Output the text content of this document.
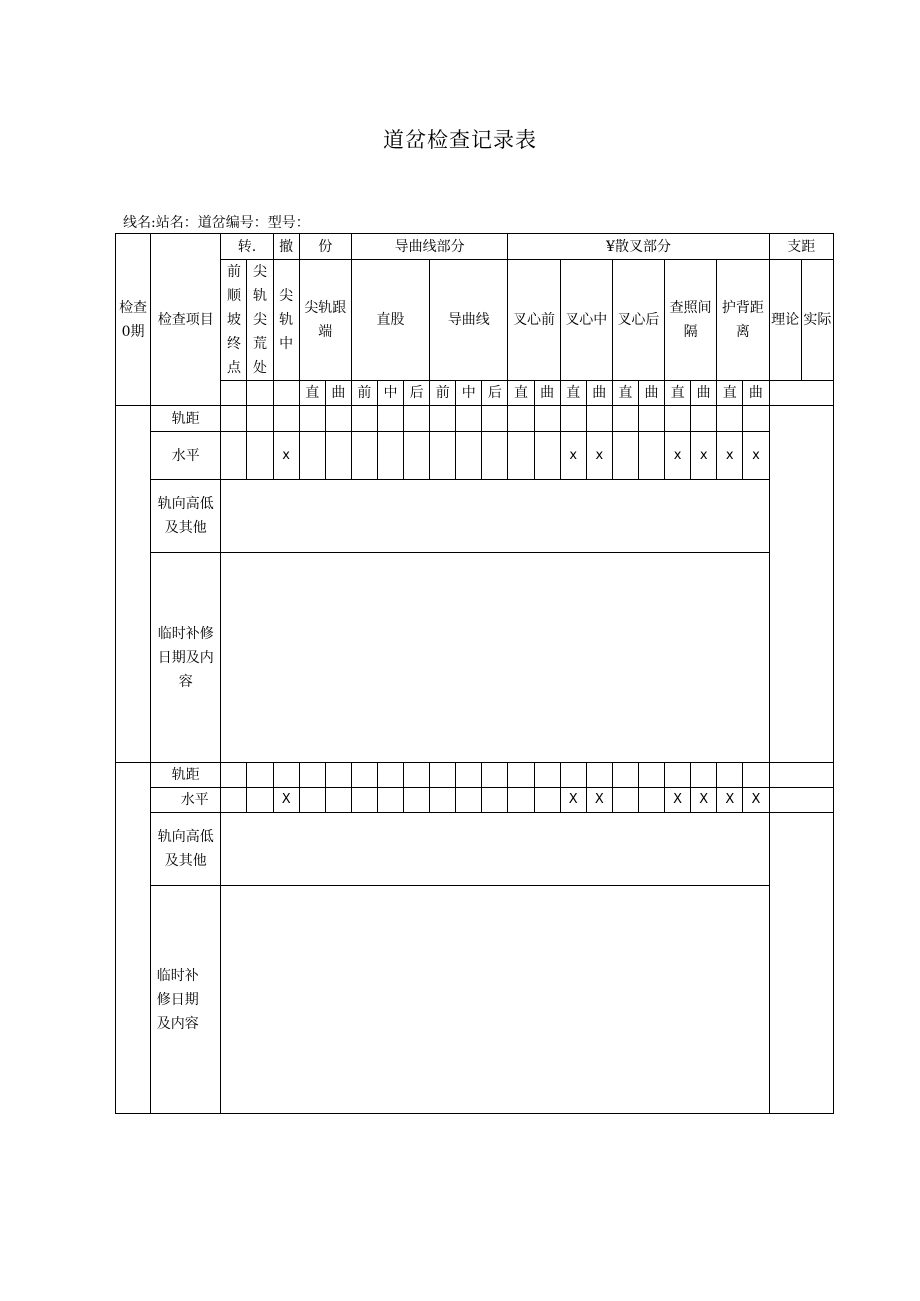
道岔检查记录表
线名:站名：道岔编号：型号：
检查0期	检查项目	转.		撤	份		导曲线部分						¥散叉部分										支距	
		前顺坡终点	尖轨尖荒处	尖轨中	尖轨跟端		直股			导曲线			叉心前		叉心中		叉心后		查照间隔		护背距离		理论	实际
					直	曲	前	中	后	前	中	后	直	曲	直	曲	直	曲	直	曲	直	曲		
	轨距																							
	水平			x											x	x			x	x	x	x		
	轨向高低及其他																							
	临时补修日期及内容																							
	轨距																							
	水平			X											X	X			X	X	X	X		
	轨向高低及其他																							
	临时补修日期及内容																							
